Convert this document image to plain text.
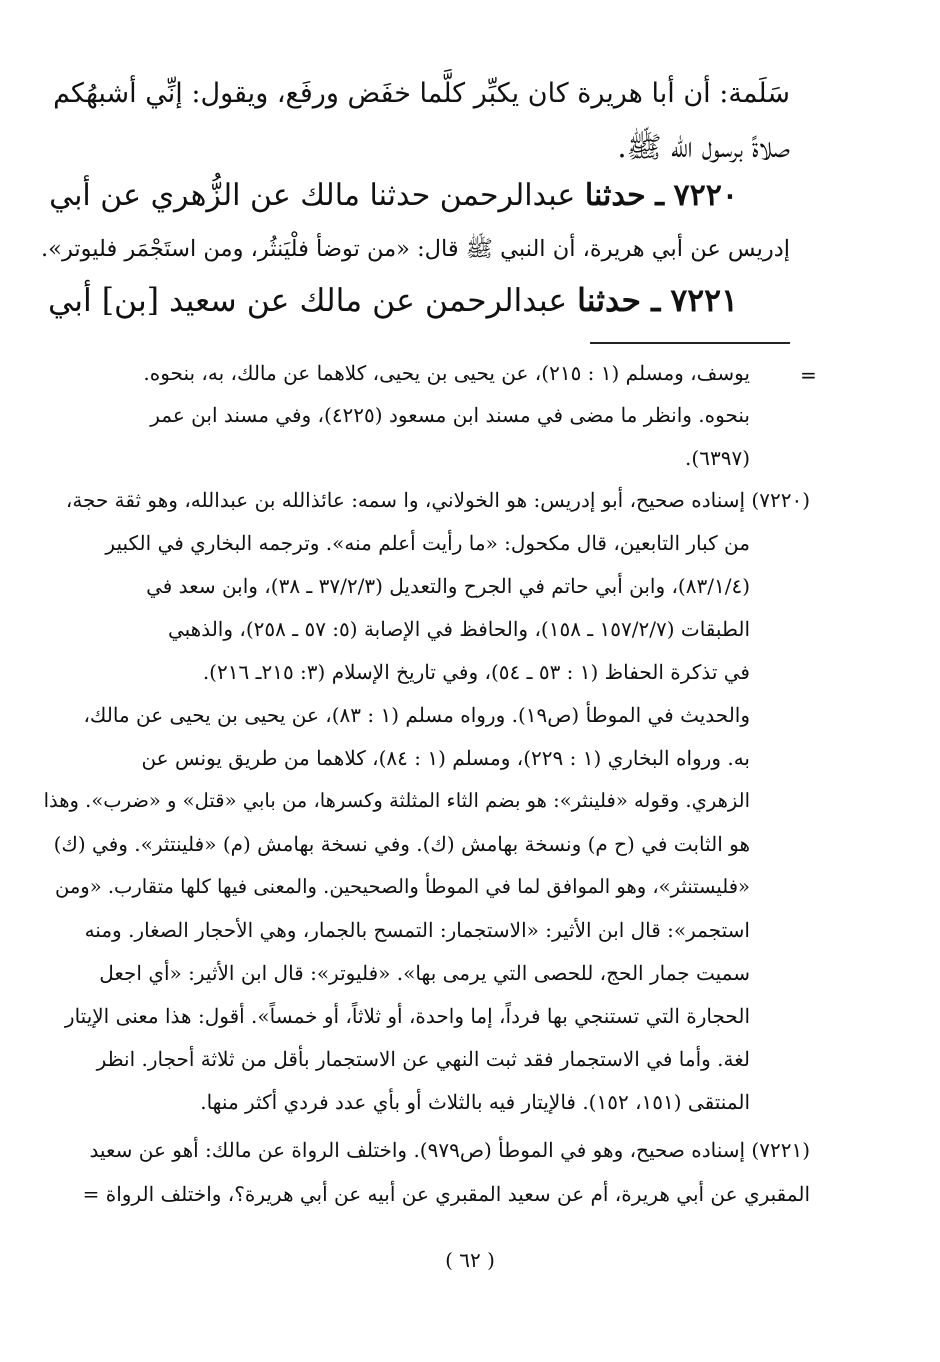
سَلَمة: أن أبا هريرة كان يكبِّر كلَّما خفَض ورفَع، ويقول: إنِّي أشبهُكم
صلاةً برسول الله ﷺ.
٧٢٢٠ ـ حدثنا عبدالرحمن حدثنا مالك عن الزُّهري عن أبي
إدريس عن أبي هريرة، أن النبي ﷺ قال: «من توضأ فلْيَنثُر، ومن استَجْمَر فليوتر».
٧٢٢١ ـ حدثنا عبدالرحمن عن مالك عن سعيد [بن] أبي
=
يوسف، ومسلم (١ : ٢١٥)، عن يحيى بن يحيى، كلاهما عن مالك، به، بنحوه.
بنحوه. وانظر ما مضى في مسند ابن مسعود (٤٢٢٥)، وفي مسند ابن عمر
(٦٣٩٧).
(٧٢٢٠) إسناده صحيح، أبو إدريس: هو الخولاني، وا سمه: عائذالله بن عبدالله، وهو ثقة حجة،
من كبار التابعين، قال مكحول: «ما رأيت أعلم منه». وترجمه البخاري في الكبير
(٨٣/١/٤)، وابن أبي حاتم في الجرح والتعديل (٣٧/٢/٣ ـ ٣٨)، وابن سعد في
الطبقات (١٥٧/٢/٧ ـ ١٥٨)، والحافظ في الإصابة (٥: ٥٧ ـ ٢٥٨)، والذهبي
في تذكرة الحفاظ (١ : ٥٣ ـ ٥٤)، وفي تاريخ الإسلام (٣: ٢١٥ـ ٢١٦).
والحديث في الموطأ (ص١٩). ورواه مسلم (١ : ٨٣)، عن يحيى بن يحيى عن مالك،
به. ورواه البخاري (١ : ٢٢٩)، ومسلم (١ : ٨٤)، كلاهما من طريق يونس عن
الزهري. وقوله «فلينثر»: هو بضم الثاء المثلثة وكسرها، من بابي «قتل» و «ضرب». وهذا
هو الثابت في (ح م) ونسخة بهامش (ك). وفي نسخة بهامش (م) «فلينتثر». وفي (ك)
«فليستنثر»، وهو الموافق لما في الموطأ والصحيحين. والمعنى فيها كلها متقارب. «ومن
استجمر»: قال ابن الأثير: «الاستجمار: التمسح بالجمار، وهي الأحجار الصغار. ومنه
سميت جمار الحج، للحصى التي يرمى بها». «فليوتر»: قال ابن الأثير: «أي اجعل
الحجارة التي تستنجي بها فرداً، إما واحدة، أو ثلاثاً، أو خمساً». أقول: هذا معنى الإيتار
لغة. وأما في الاستجمار فقد ثبت النهي عن الاستجمار بأقل من ثلاثة أحجار. انظر
المنتقى (١٥١، ١٥٢). فالإيتار فيه بالثلاث أو بأي عدد فردي أكثر منها.
(٧٢٢١) إسناده صحيح، وهو في الموطأ (ص٩٧٩). واختلف الرواة عن مالك: أهو عن سعيد
المقبري عن أبي هريرة، أم عن سعيد المقبري عن أبيه عن أبي هريرة؟، واختلف الرواة =
( ٦٢ )
